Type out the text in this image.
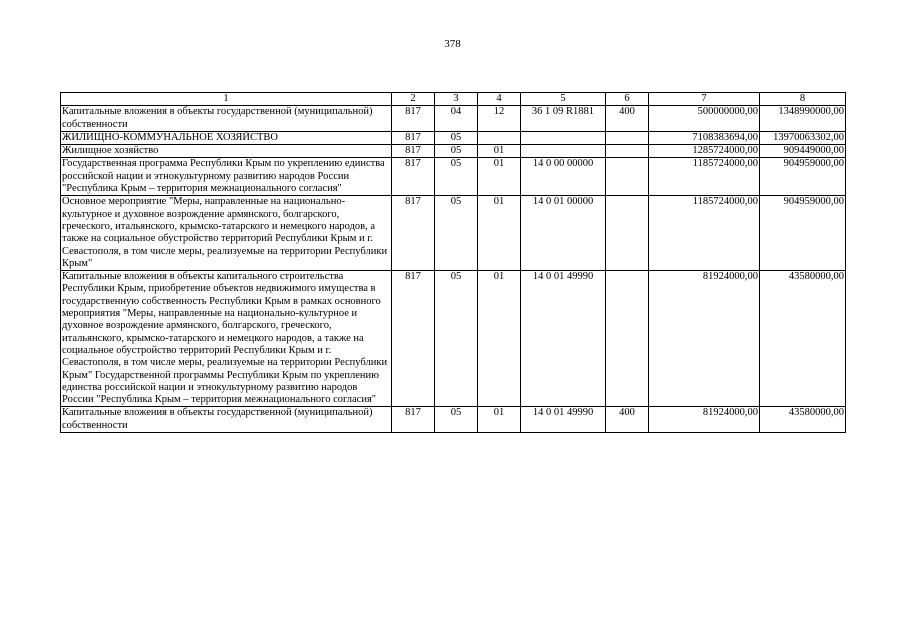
378
1	2	3	4	5	6	7	8
Капитальные вложения в объекты государственной (муниципальной) собственности	817	04	12	36 1 09 R1881	400	500000000,00	1348990000,00
ЖИЛИЩНО-КОММУНАЛЬНОЕ ХОЗЯЙСТВО	817	05				7108383694,00	13970063302,00
Жилищное хозяйство	817	05	01			1285724000,00	909449000,00
Государственная программа Республики Крым по укреплению единства российской нации и этнокультурному развитию народов России "Республика Крым – территория межнационального согласия"	817	05	01	14 0 00 00000		1185724000,00	904959000,00
Основное мероприятие "Меры, направленные на национально-культурное и духовное возрождение армянского, болгарского, греческого, итальянского, крымско-татарского и немецкого народов, а также на социальное обустройство территорий Республики Крым и г. Севастополя, в том числе меры, реализуемые на территории Республики Крым"	817	05	01	14 0 01 00000		1185724000,00	904959000,00
Капитальные вложения в объекты капитального строительства Республики Крым, приобретение объектов недвижимого имущества в государственную собственность Республики Крым в рамках основного мероприятия "Меры, направленные на национально-культурное и духовное возрождение армянского, болгарского, греческого, итальянского, крымско-татарского и немецкого народов, а также на социальное обустройство территорий Республики Крым и г. Севастополя, в том числе меры, реализуемые на территории Республики Крым" Государственной программы Республики Крым по укреплению единства российской нации и этнокультурному развитию народов России "Республика Крым – территория межнационального согласия"	817	05	01	14 0 01 49990		81924000,00	43580000,00
Капитальные вложения в объекты государственной (муниципальной) собственности	817	05	01	14 0 01 49990	400	81924000,00	43580000,00
